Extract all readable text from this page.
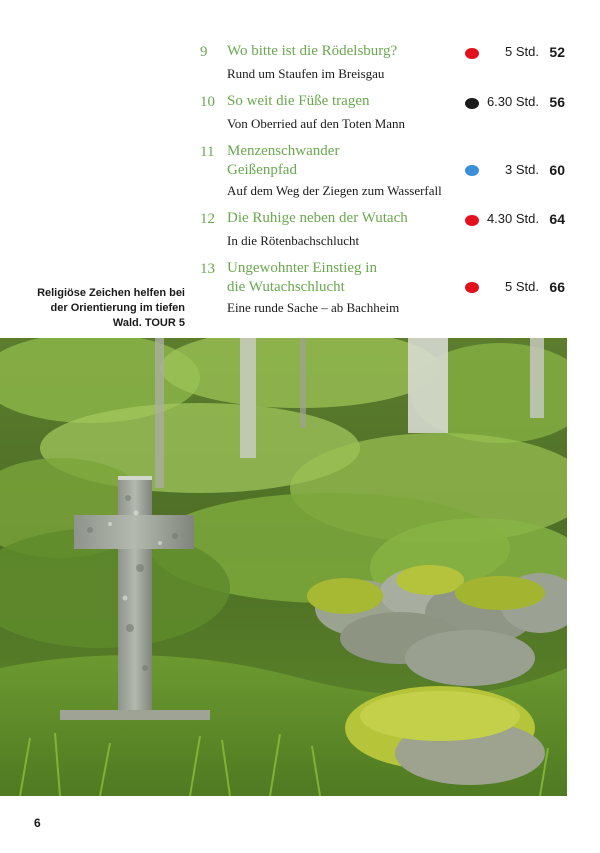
9 Wo bitte ist die Rödelsburg?
Rund um Staufen im Breisgau
5 Std. 52
10 So weit die Füße tragen
Von Oberried auf den Toten Mann
6.30 Std. 56
11 Menzenschwander Geißenpfad
Auf dem Weg der Ziegen zum Wasserfall
3 Std. 60
12 Die Ruhige neben der Wutach
In die Rötenbachschlucht
4.30 Std. 64
13 Ungewohnter Einstieg in die Wutachschlucht
Eine runde Sache – ab Bachheim
5 Std. 66
Religiöse Zeichen helfen bei der Orientierung im tiefen Wald. TOUR 5
6
